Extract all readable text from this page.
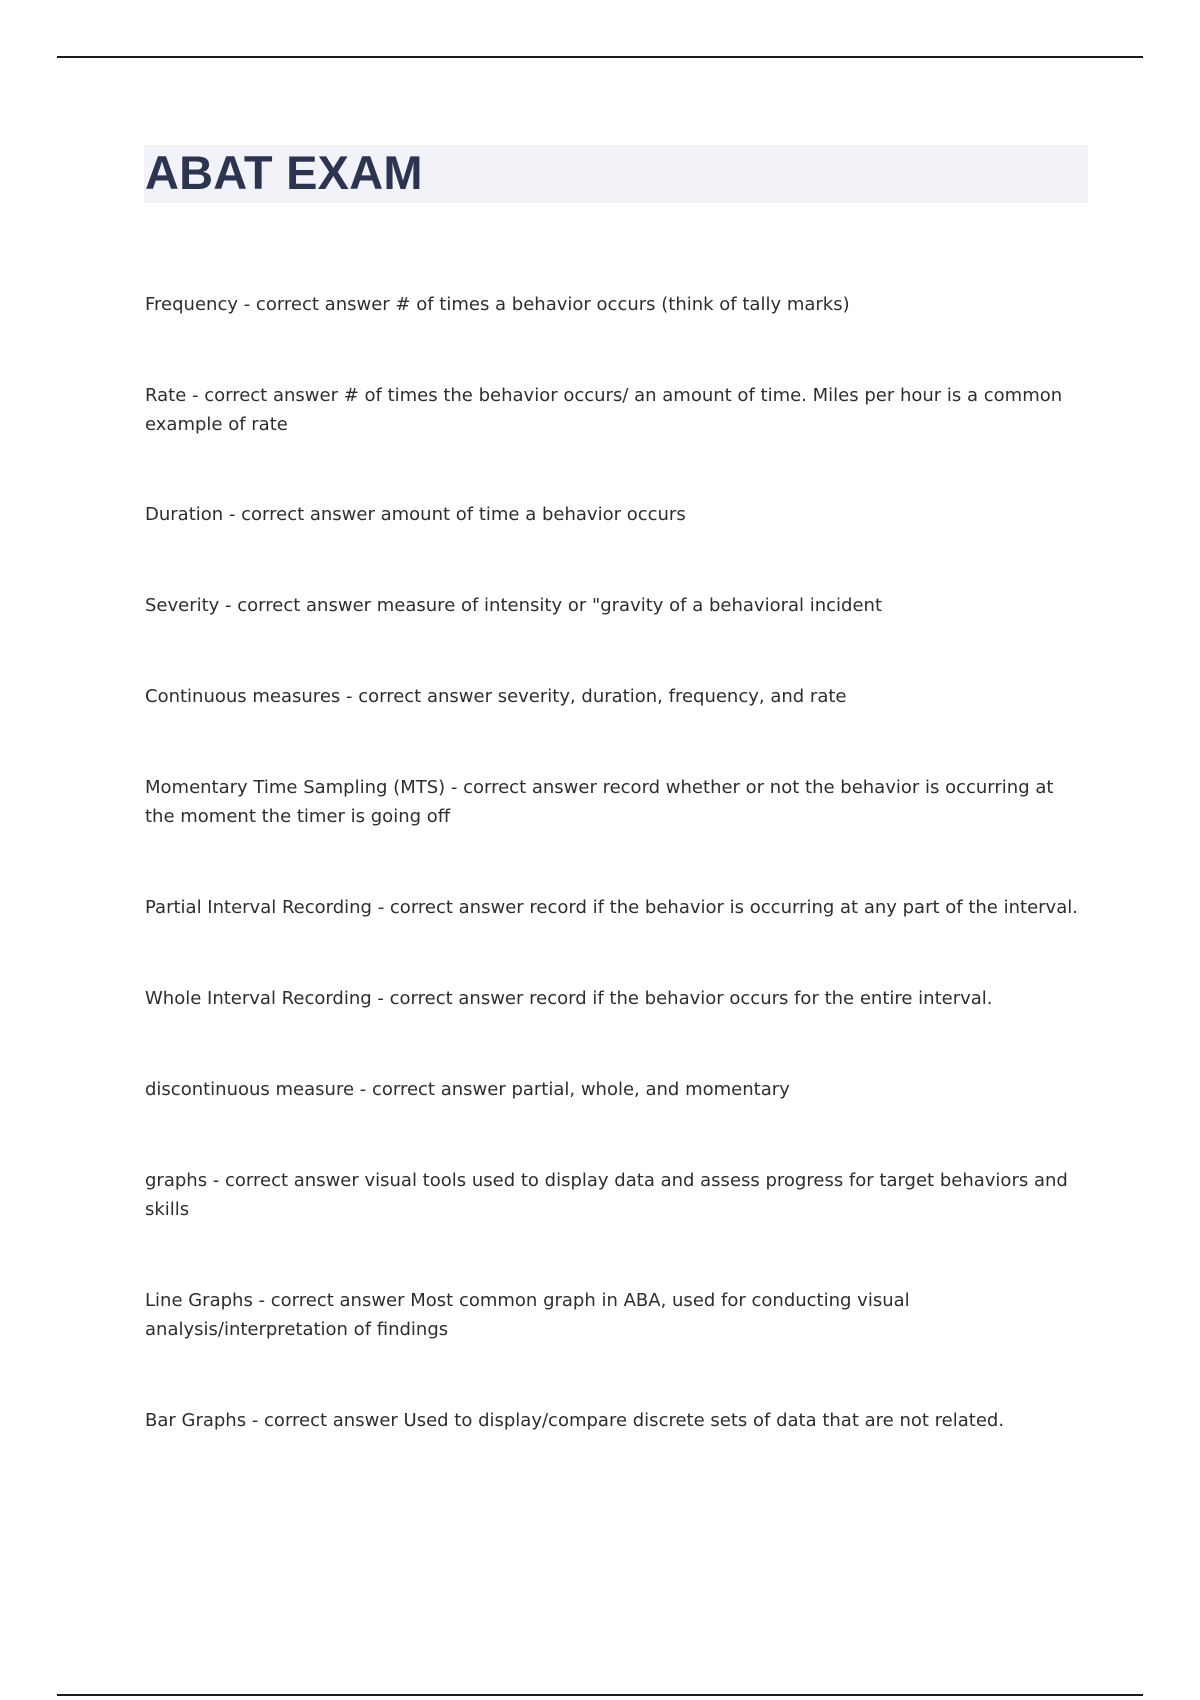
ABAT EXAM

Frequency - correct answer # of times a behavior occurs (think of tally marks)

Rate - correct answer # of times the behavior occurs/ an amount of time. Miles per hour is a common example of rate

Duration - correct answer amount of time a behavior occurs

Severity - correct answer measure of intensity or "gravity of a behavioral incident

Continuous measures - correct answer severity, duration, frequency, and rate

Momentary Time Sampling (MTS) - correct answer record whether or not the behavior is occurring at the moment the timer is going off

Partial Interval Recording - correct answer record if the behavior is occurring at any part of the interval.

Whole Interval Recording - correct answer record if the behavior occurs for the entire interval.

discontinuous measure - correct answer partial, whole, and momentary

graphs - correct answer visual tools used to display data and assess progress for target behaviors and skills

Line Graphs - correct answer Most common graph in ABA, used for conducting visual analysis/interpretation of findings

Bar Graphs - correct answer Used to display/compare discrete sets of data that are not related.
